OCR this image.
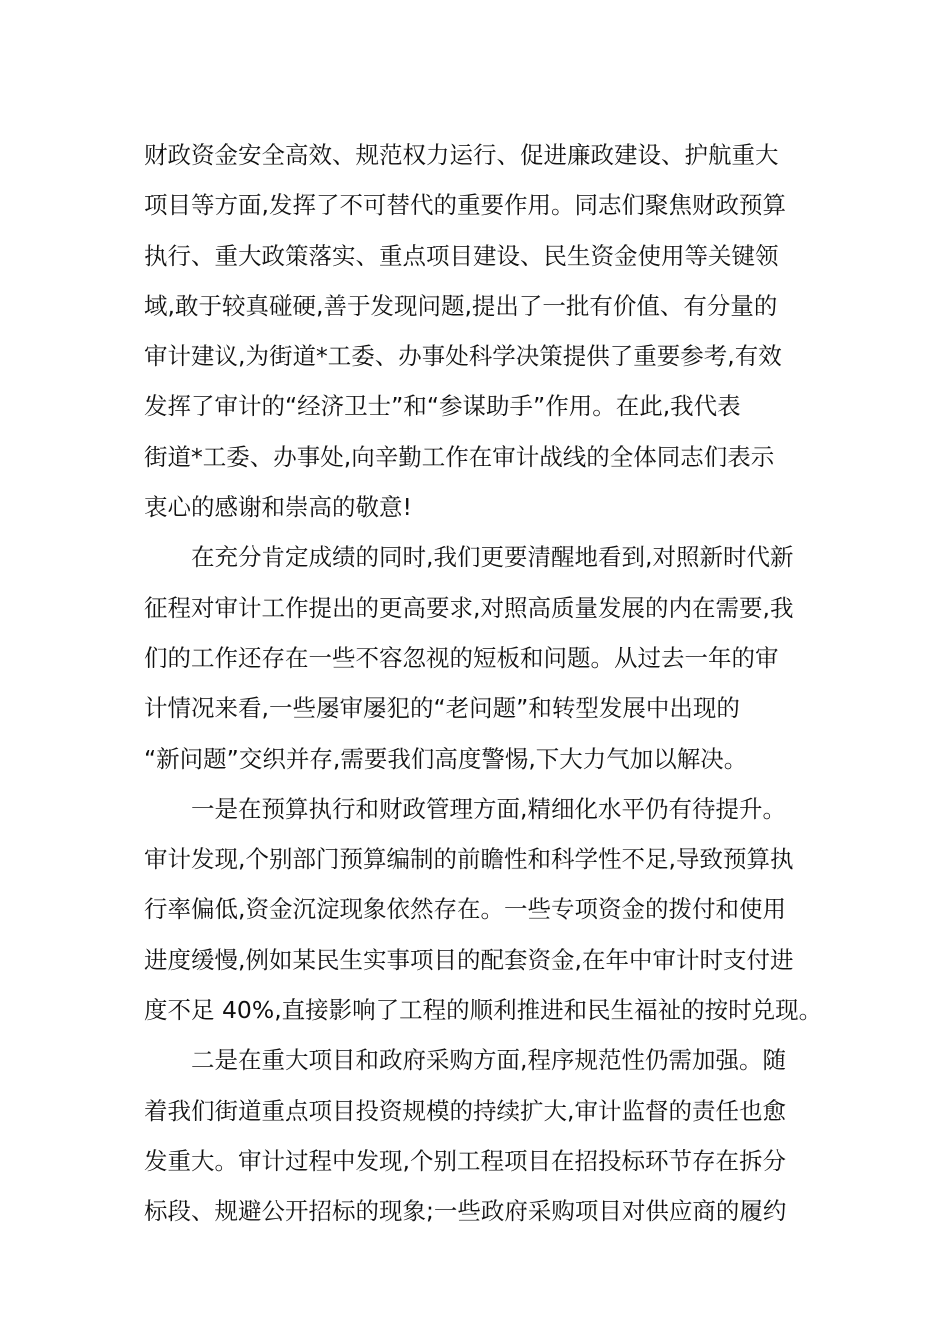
财政资金安全高效、规范权力运行、促进廉政建设、护航重大
项目等方面,发挥了不可替代的重要作用。同志们聚焦财政预算
执行、重大政策落实、重点项目建设、民生资金使用等关键领
域,敢于较真碰硬,善于发现问题,提出了一批有价值、有分量的
审计建议,为街道*工委、办事处科学决策提供了重要参考,有效
发挥了审计的“经济卫士”和“参谋助手”作用。在此,我代表
街道*工委、办事处,向辛勤工作在审计战线的全体同志们表示
衷心的感谢和崇高的敬意!
在充分肯定成绩的同时,我们更要清醒地看到,对照新时代新
征程对审计工作提出的更高要求,对照高质量发展的内在需要,我
们的工作还存在一些不容忽视的短板和问题。从过去一年的审
计情况来看,一些屡审屡犯的“老问题”和转型发展中出现的
“新问题”交织并存,需要我们高度警惕,下大力气加以解决。
一是在预算执行和财政管理方面,精细化水平仍有待提升。
审计发现,个别部门预算编制的前瞻性和科学性不足,导致预算执
行率偏低,资金沉淀现象依然存在。一些专项资金的拨付和使用
进度缓慢,例如某民生实事项目的配套资金,在年中审计时支付进
度不足 40%,直接影响了工程的顺利推进和民生福祉的按时兑现。
二是在重大项目和政府采购方面,程序规范性仍需加强。随
着我们街道重点项目投资规模的持续扩大,审计监督的责任也愈
发重大。审计过程中发现,个别工程项目在招投标环节存在拆分
标段、规避公开招标的现象;一些政府采购项目对供应商的履约
